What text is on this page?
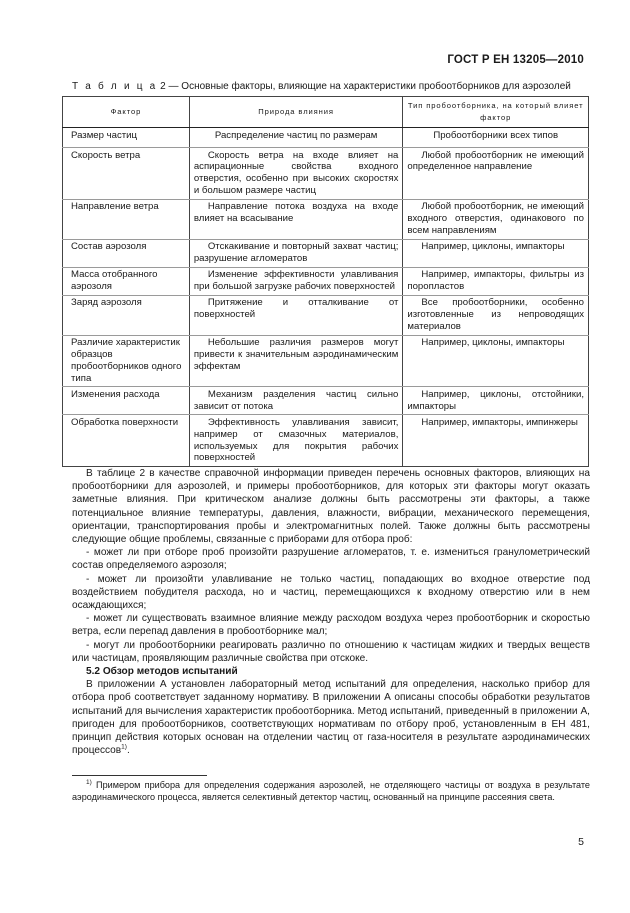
ГОСТ Р ЕН 13205—2010
Т а б л и ц а 2 — Основные факторы, влияющие на характеристики пробоотборников для аэрозолей
Фактор	Природа влияния	Тип пробоотборника, на который влияет фактор
Размер частиц	Распределение частиц по размерам	Пробоотборники всех типов
Скорость ветра	Скорость ветра на входе влияет на аспирационные свойства входного отверстия, особенно при высоких скоростях и большом размере частиц	Любой пробоотборник не имеющий определенное направление
Направление ветра	Направление потока воздуха на входе влияет на всасывание	Любой пробоотборник, не имеющий входного отверстия, одинакового по всем направлениям
Состав аэрозоля	Отскакивание и повторный захват частиц; разрушение агломератов	Например, циклоны, импакторы
Масса отобранного аэрозоля	Изменение эффективности улавливания при большой загрузке рабочих поверхностей	Например, импакторы, фильтры из поропластов
Заряд аэрозоля	Притяжение и отталкивание от поверхностей	Все пробоотборники, особенно изготовленные из непроводящих материалов
Различие характеристик образцов пробоотборников одного типа	Небольшие различия размеров могут привести к значительным аэродинамическим эффектам	Например, циклоны, импакторы
Изменения расхода	Механизм разделения частиц сильно зависит от потока	Например, циклоны, отстойники, импакторы
Обработка поверхности	Эффективность улавливания зависит, например от смазочных материалов, используемых для покрытия рабочих поверхностей	Например, импакторы, импинжеры

В таблице 2 в качестве справочной информации приведен перечень основных факторов, влияющих на пробоотборники для аэрозолей, и примеры пробоотборников, для которых эти факторы могут оказать заметные влияния. При критическом анализе должны быть рассмотрены эти факторы, а также потенциальное влияние температуры, давления, влажности, вибрации, механического перемещения, ориентации, транспортирования пробы и электромагнитных полей. Также должны быть рассмотрены следующие общие проблемы, связанные с приборами для отбора проб:

- может ли при отборе проб произойти разрушение агломератов, т. е. измениться гранулометрический состав определяемого аэрозоля;

- может ли произойти улавливание не только частиц, попадающих во входное отверстие под воздействием побудителя расхода, но и частиц, перемещающихся к входному отверстию или в нем осаждающихся;

- может ли существовать взаимное влияние между расходом воздуха через пробоотборник и скоростью ветра, если перепад давления в пробоотборнике мал;

- могут ли пробоотборники реагировать различно по отношению к частицам жидких и твердых веществ или частицам, проявляющим различные свойства при отскоке.

5.2 Обзор методов испытаний

В приложении А установлен лабораторный метод испытаний для определения, насколько прибор для отбора проб соответствует заданному нормативу. В приложении А описаны способы обработки результатов испытаний для вычисления характеристик пробоотборника. Метод испытаний, приведенный в приложении А, пригоден для пробоотборников, соответствующих нормативам по отбору проб, установленным в ЕН 481, принцип действия которых основан на отделении частиц от газа-носителя в результате аэродинамических процессов$^{1)}$.

$^{1)}$ Примером прибора для определения содержания аэрозолей, не отделяющего частицы от воздуха в результате аэродинамического процесса, является селективный детектор частиц, основанный на принципе рассеяния света.
5
